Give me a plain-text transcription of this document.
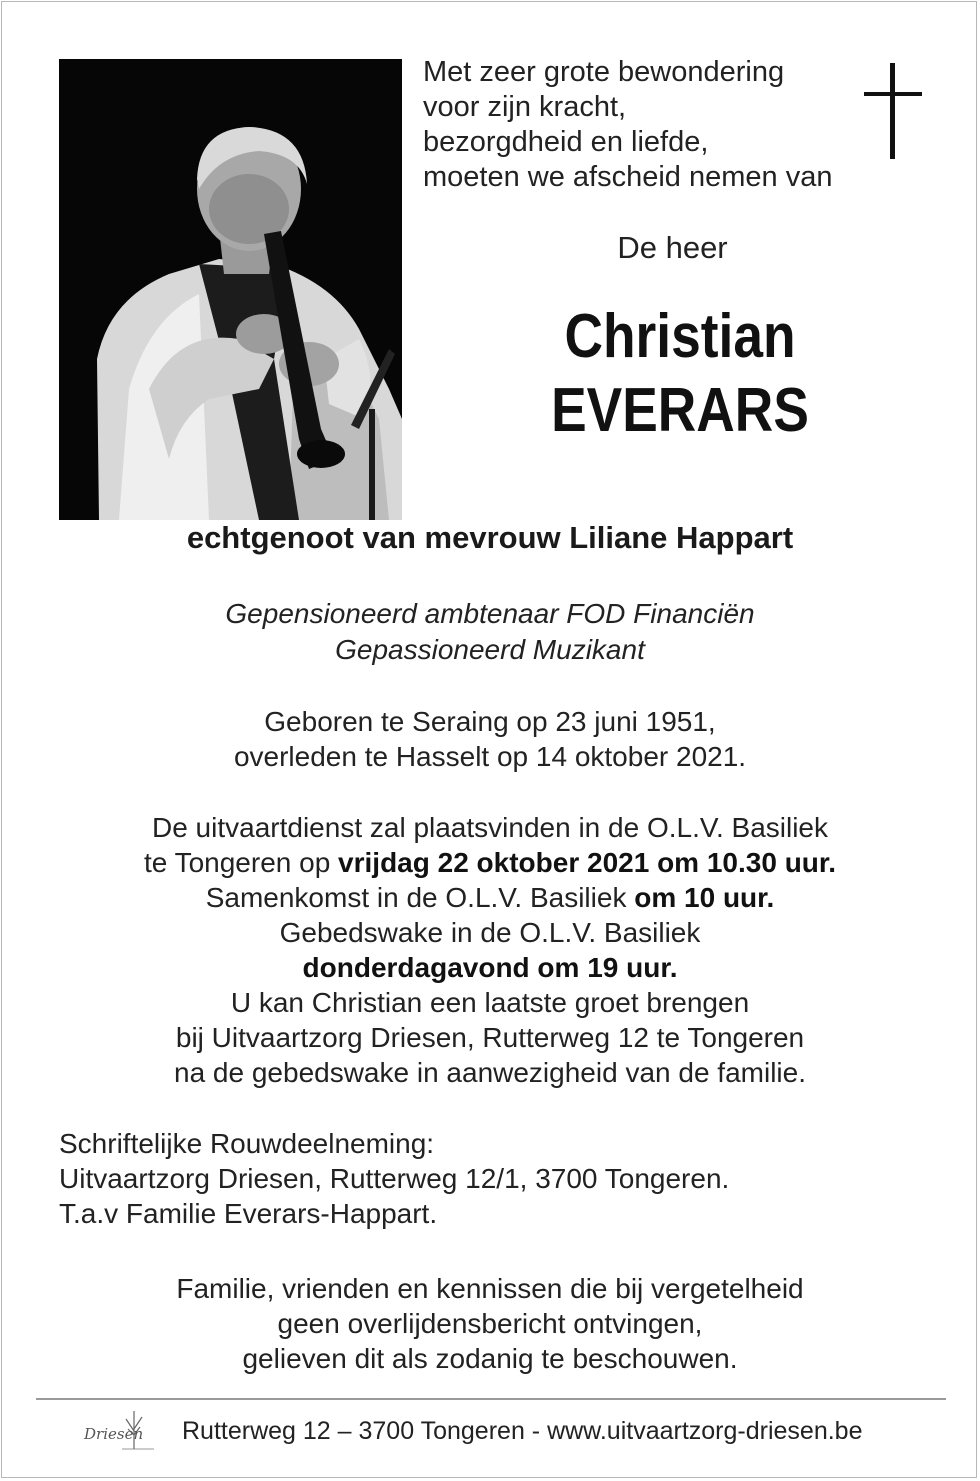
Met zeer grote bewondering
voor zijn kracht,
bezorgdheid en liefde,
moeten we afscheid nemen van
De heer
Christian
EVERARS
echtgenoot van mevrouw Liliane Happart
Gepensioneerd ambtenaar FOD Financiën
Gepassioneerd Muzikant
Geboren te Seraing op 23 juni 1951,
overleden te Hasselt op 14 oktober 2021.
De uitvaartdienst zal plaatsvinden in de O.L.V. Basiliek
te Tongeren op vrijdag 22 oktober 2021 om 10.30 uur.
Samenkomst in de O.L.V. Basiliek om 10 uur.
Gebedswake in de O.L.V. Basiliek
donderdagavond om 19 uur.
U kan Christian een laatste groet brengen
bij Uitvaartzorg Driesen, Rutterweg 12 te Tongeren
na de gebedswake in aanwezigheid van de familie.
Schriftelijke Rouwdeelneming:
Uitvaartzorg Driesen, Rutterweg 12/1, 3700 Tongeren.
T.a.v Familie Everars-Happart.
Familie, vrienden en kennissen die bij vergetelheid
geen overlijdensbericht ontvingen,
gelieven dit als zodanig te beschouwen.
Driesen Rutterweg 12 – 3700 Tongeren - www.uitvaartzorg-driesen.be
